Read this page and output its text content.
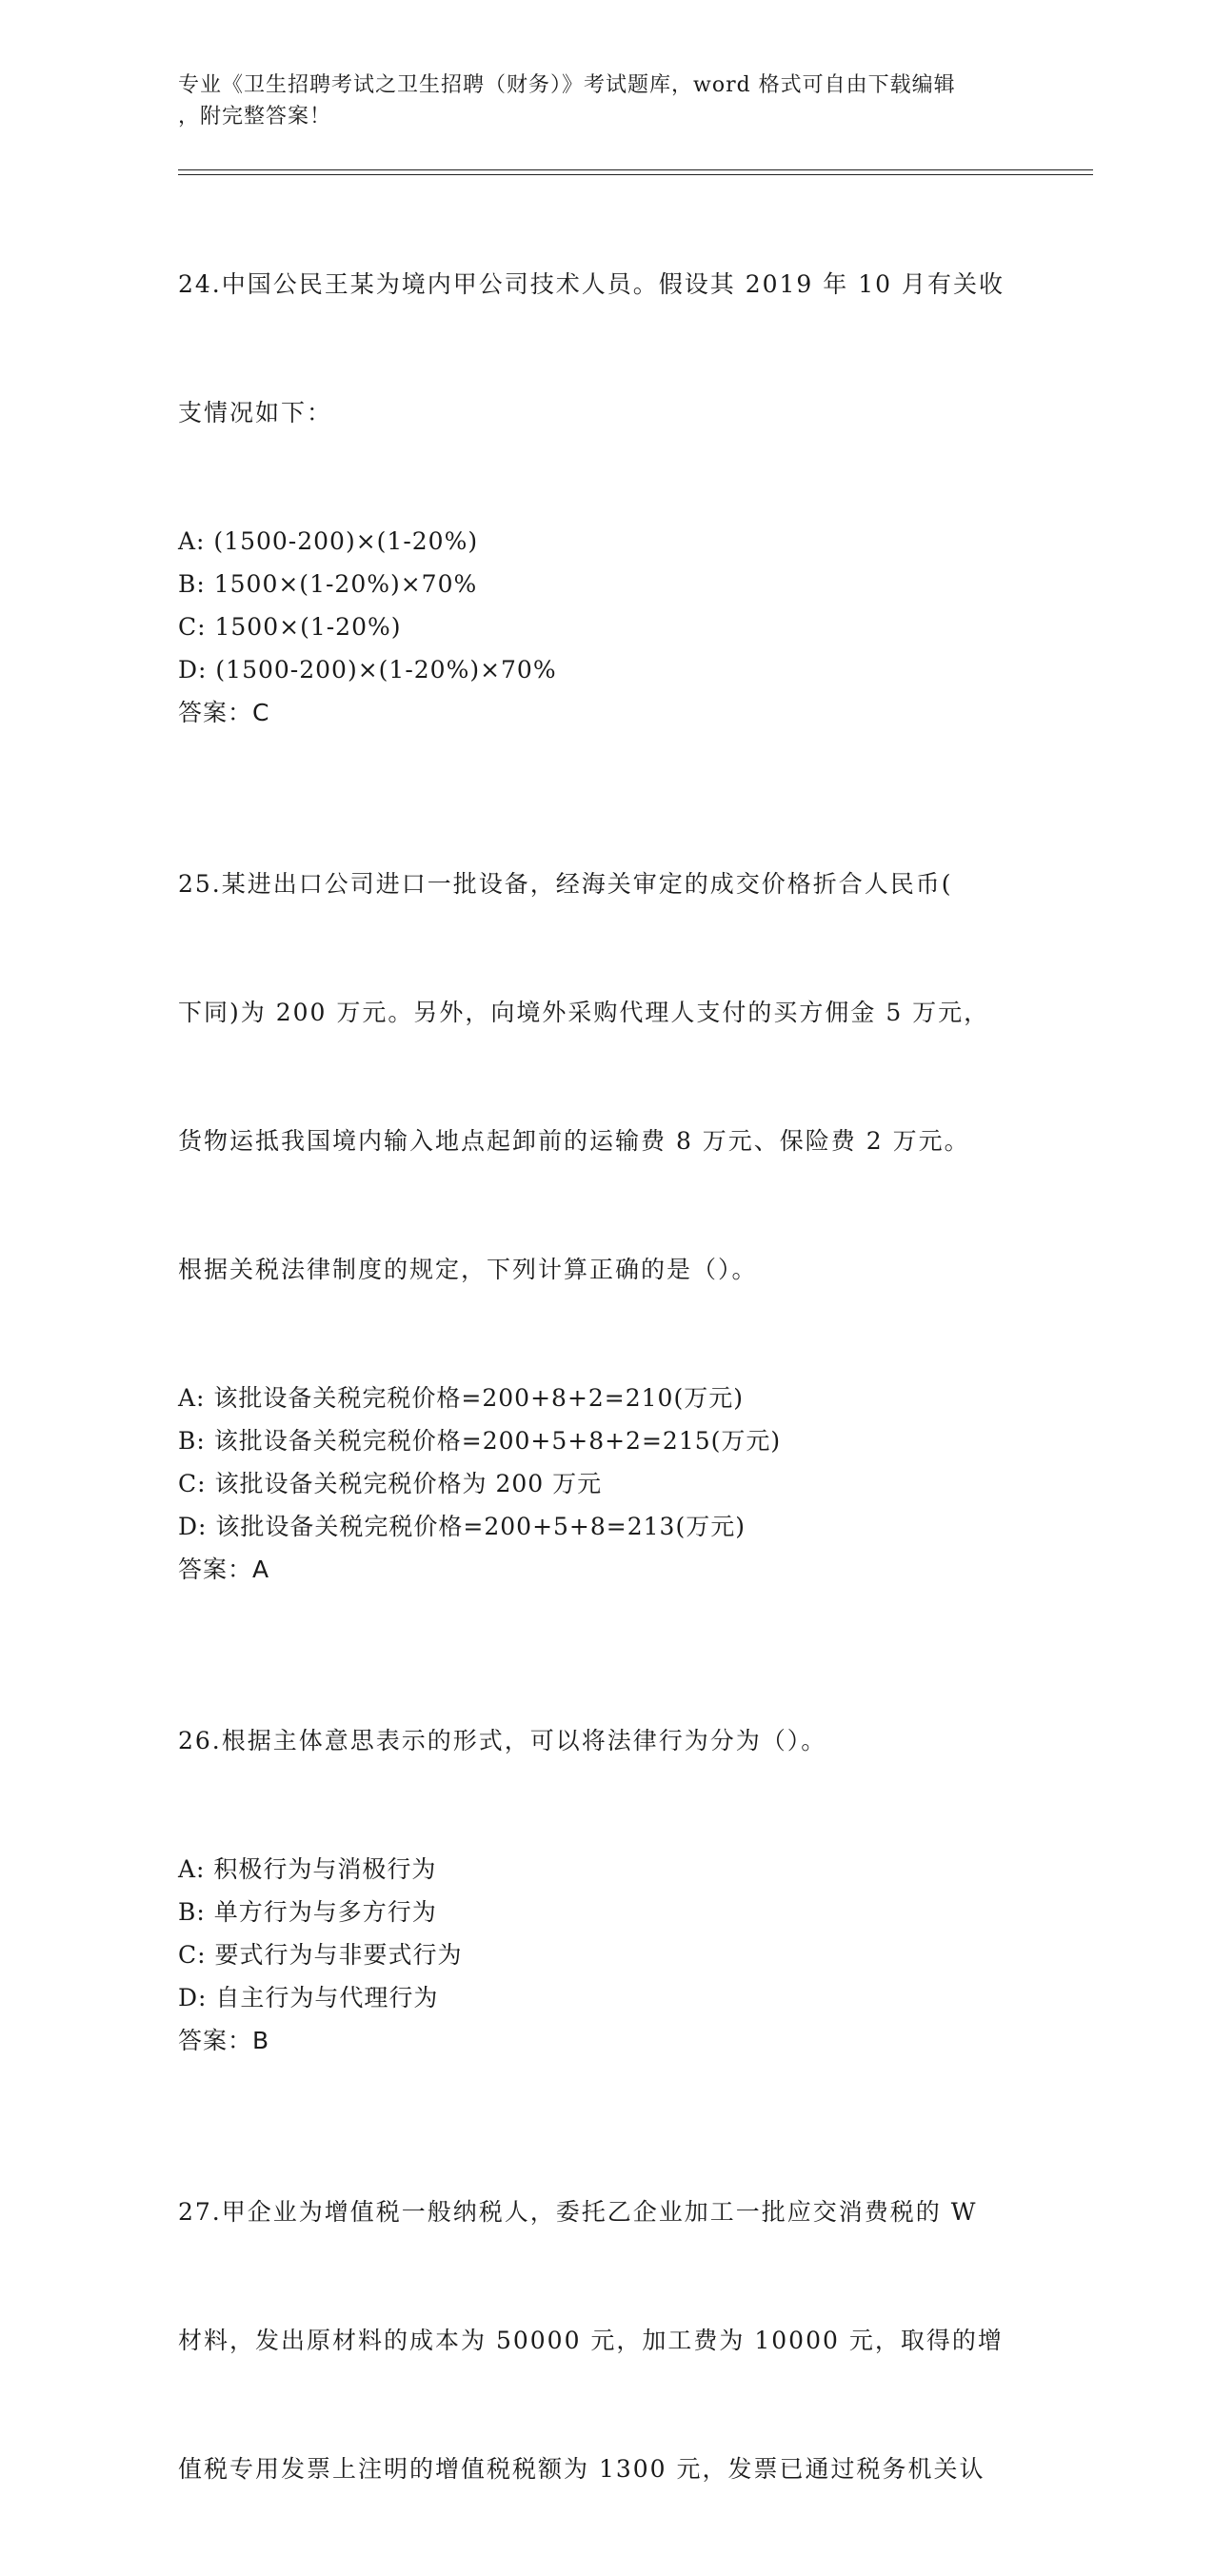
专业《卫生招聘考试之卫生招聘（财务）》考试题库，word 格式可自由下载编辑
，附完整答案！

24.中国公民王某为境内甲公司技术人员。假设其 2019 年 10 月有关收

支情况如下：

A: (1500-200)×(1-20%)
B: 1500×(1-20%)×70%
C: 1500×(1-20%)
D: (1500-200)×(1-20%)×70%
答案：C

25.某进出口公司进口一批设备，经海关审定的成交价格折合人民币(

下同)为 200 万元。另外，向境外采购代理人支付的买方佣金 5 万元，

货物运抵我国境内输入地点起卸前的运输费 8 万元、保险费 2 万元。

根据关税法律制度的规定，下列计算正确的是（）。

A: 该批设备关税完税价格=200+8+2=210(万元)
B: 该批设备关税完税价格=200+5+8+2=215(万元)
C: 该批设备关税完税价格为 200 万元
D: 该批设备关税完税价格=200+5+8=213(万元)
答案：A

26.根据主体意思表示的形式，可以将法律行为分为（）。

A: 积极行为与消极行为
B: 单方行为与多方行为
C: 要式行为与非要式行为
D: 自主行为与代理行为
答案：B

27.甲企业为增值税一般纳税人，委托乙企业加工一批应交消费税的 W

材料，发出原材料的成本为 50000 元，加工费为 10000 元，取得的增

值税专用发票上注明的增值税税额为 1300 元，发票已通过税务机关认
